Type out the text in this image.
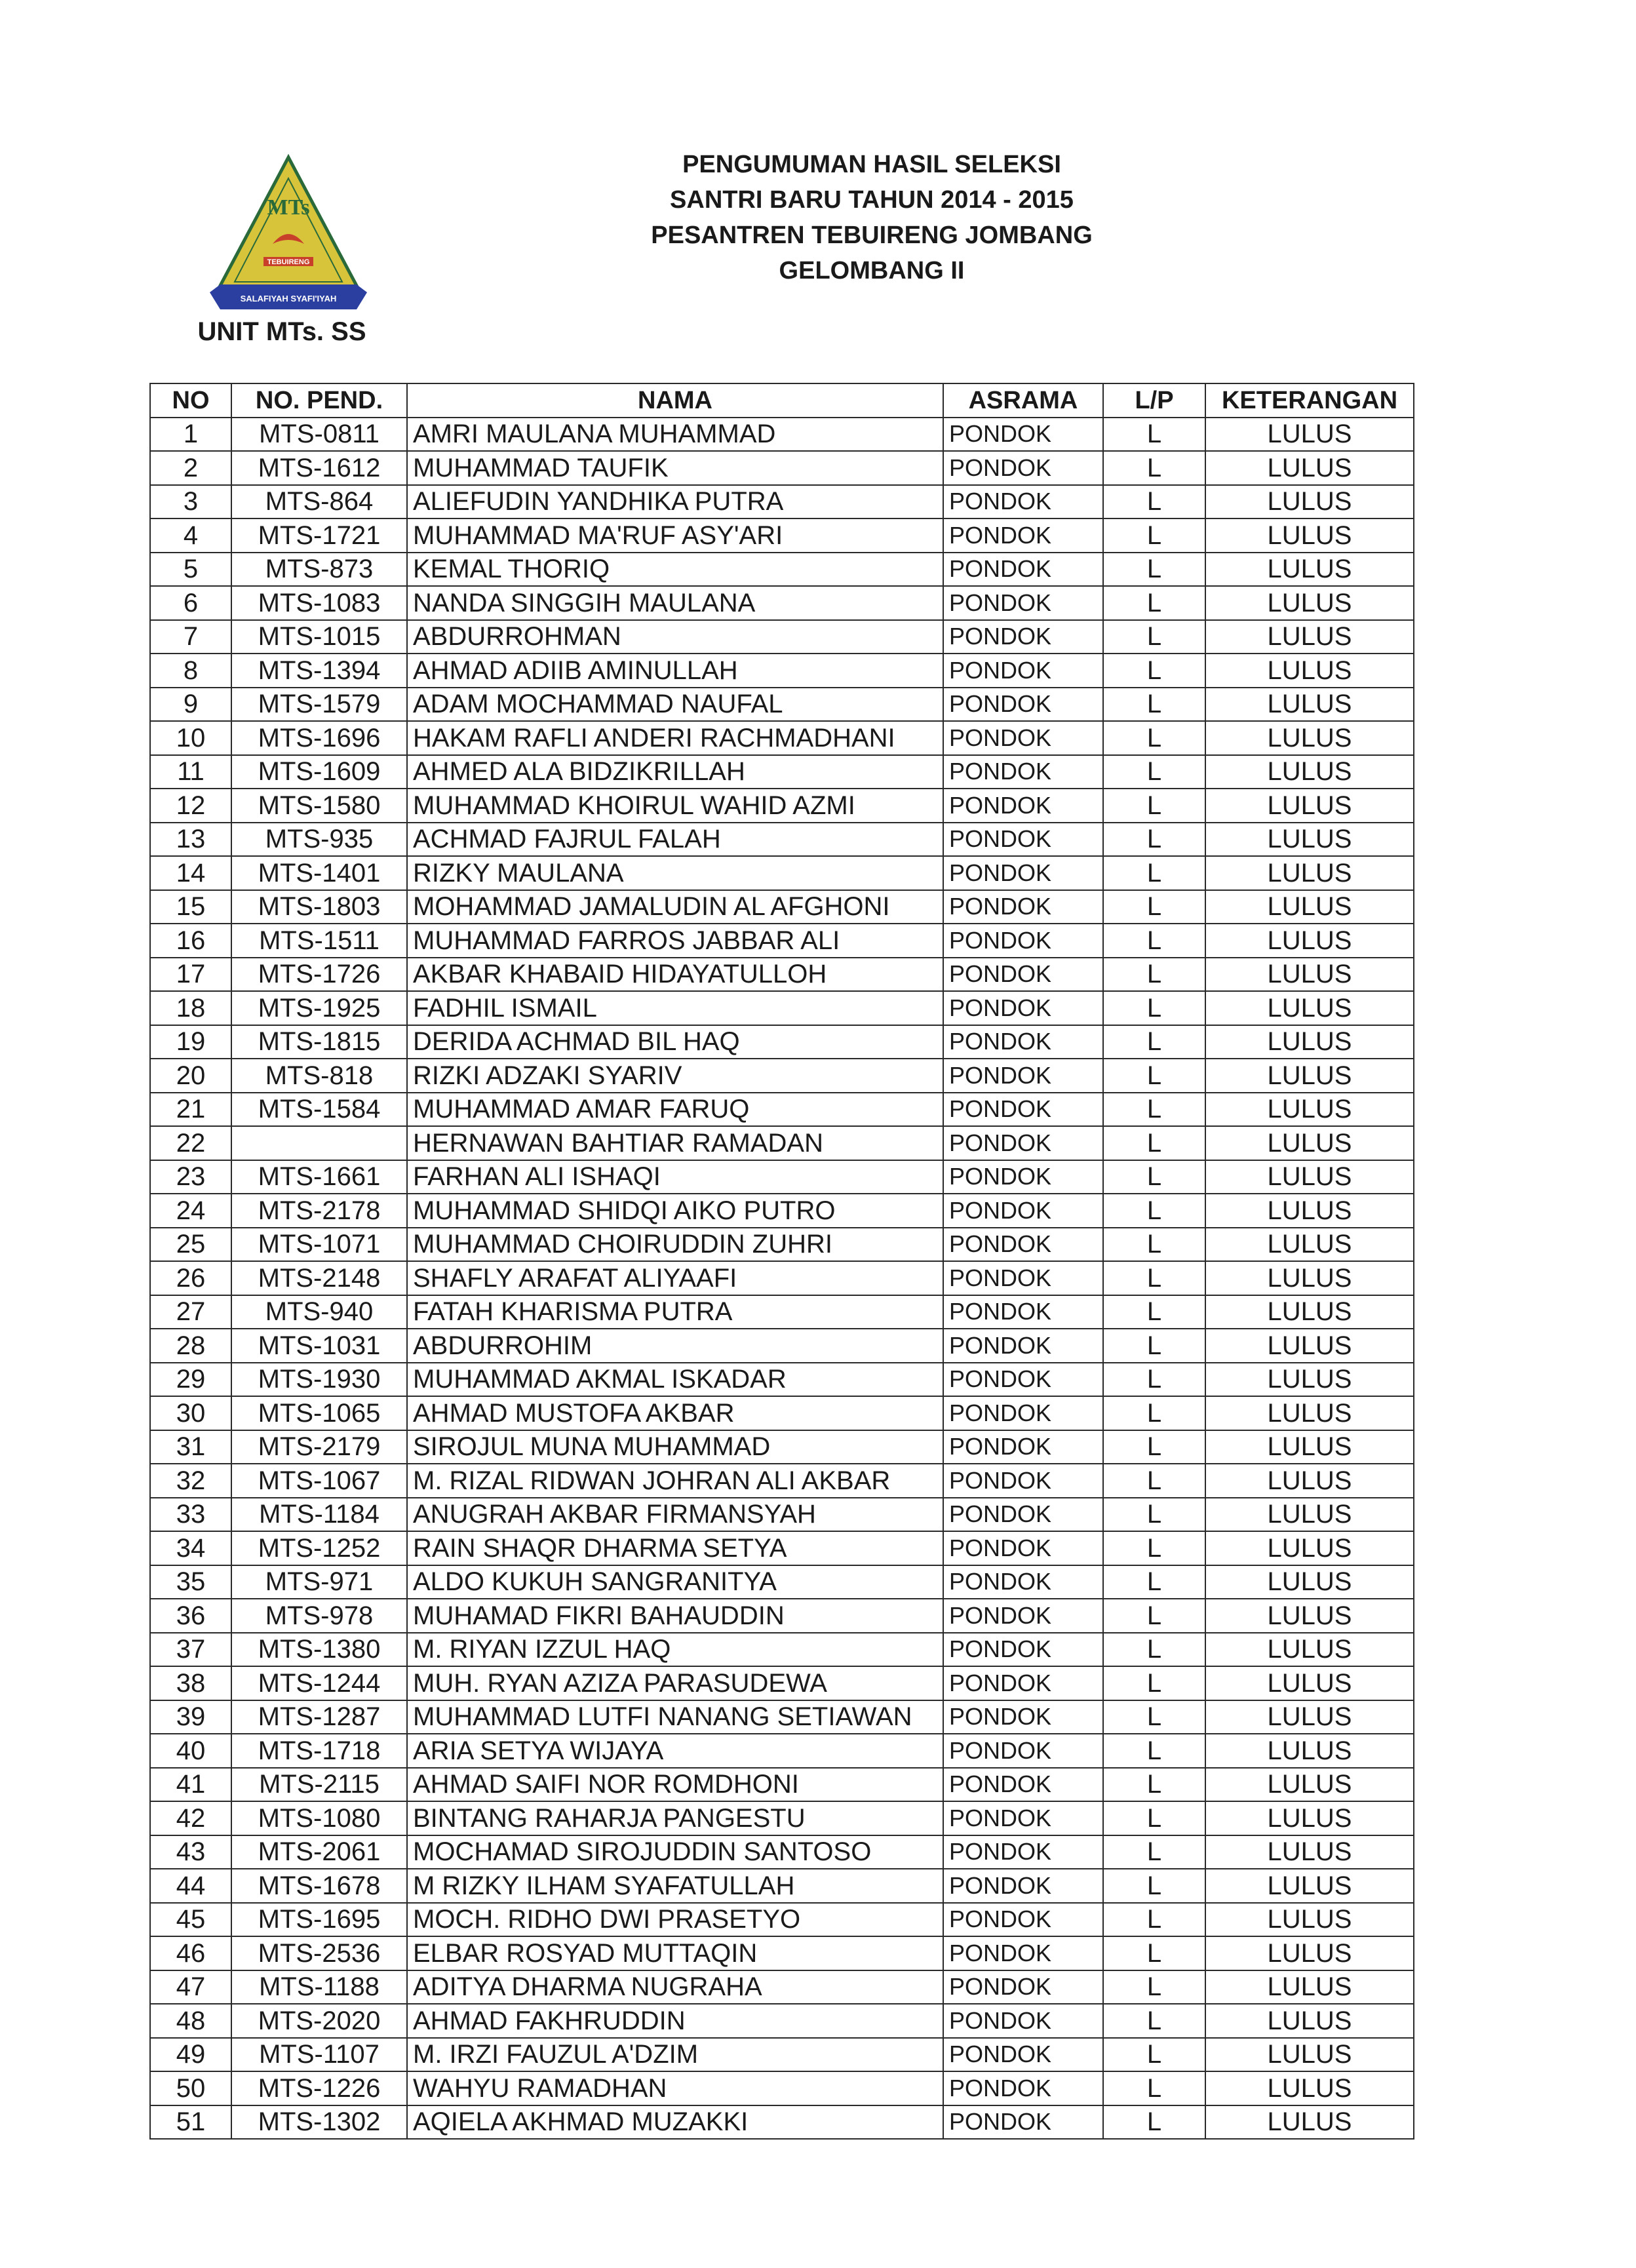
MTs
TEBUIRENG
SALAFIYAH SYAFI'IYAH
UNIT MTs. SS
PENGUMUMAN HASIL SELEKSI
SANTRI BARU TAHUN 2014 - 2015
PESANTREN TEBUIRENG JOMBANG
GELOMBANG II
NO	NO. PEND.	NAMA	ASRAMA	L/P	KETERANGAN
1	MTS-0811	AMRI MAULANA MUHAMMAD	PONDOK	L	LULUS
2	MTS-1612	MUHAMMAD TAUFIK	PONDOK	L	LULUS
3	MTS-864	ALIEFUDIN YANDHIKA PUTRA	PONDOK	L	LULUS
4	MTS-1721	MUHAMMAD MA'RUF ASY'ARI	PONDOK	L	LULUS
5	MTS-873	KEMAL THORIQ	PONDOK	L	LULUS
6	MTS-1083	NANDA SINGGIH MAULANA	PONDOK	L	LULUS
7	MTS-1015	ABDURROHMAN	PONDOK	L	LULUS
8	MTS-1394	AHMAD ADIIB AMINULLAH	PONDOK	L	LULUS
9	MTS-1579	ADAM MOCHAMMAD NAUFAL	PONDOK	L	LULUS
10	MTS-1696	HAKAM RAFLI ANDERI RACHMADHANI	PONDOK	L	LULUS
11	MTS-1609	AHMED ALA BIDZIKRILLAH	PONDOK	L	LULUS
12	MTS-1580	MUHAMMAD KHOIRUL WAHID AZMI	PONDOK	L	LULUS
13	MTS-935	ACHMAD FAJRUL FALAH	PONDOK	L	LULUS
14	MTS-1401	RIZKY MAULANA	PONDOK	L	LULUS
15	MTS-1803	MOHAMMAD JAMALUDIN AL AFGHONI	PONDOK	L	LULUS
16	MTS-1511	MUHAMMAD FARROS JABBAR ALI	PONDOK	L	LULUS
17	MTS-1726	AKBAR KHABAID HIDAYATULLOH	PONDOK	L	LULUS
18	MTS-1925	FADHIL ISMAIL	PONDOK	L	LULUS
19	MTS-1815	DERIDA ACHMAD BIL HAQ	PONDOK	L	LULUS
20	MTS-818	RIZKI ADZAKI SYARIV	PONDOK	L	LULUS
21	MTS-1584	MUHAMMAD AMAR FARUQ	PONDOK	L	LULUS
22		HERNAWAN BAHTIAR RAMADAN	PONDOK	L	LULUS
23	MTS-1661	FARHAN ALI ISHAQI	PONDOK	L	LULUS
24	MTS-2178	MUHAMMAD SHIDQI AIKO PUTRO	PONDOK	L	LULUS
25	MTS-1071	MUHAMMAD CHOIRUDDIN ZUHRI	PONDOK	L	LULUS
26	MTS-2148	SHAFLY ARAFAT ALIYAAFI	PONDOK	L	LULUS
27	MTS-940	FATAH KHARISMA PUTRA	PONDOK	L	LULUS
28	MTS-1031	ABDURROHIM	PONDOK	L	LULUS
29	MTS-1930	MUHAMMAD AKMAL ISKADAR	PONDOK	L	LULUS
30	MTS-1065	AHMAD MUSTOFA AKBAR	PONDOK	L	LULUS
31	MTS-2179	SIROJUL MUNA MUHAMMAD	PONDOK	L	LULUS
32	MTS-1067	M. RIZAL RIDWAN JOHRAN ALI AKBAR	PONDOK	L	LULUS
33	MTS-1184	ANUGRAH AKBAR FIRMANSYAH	PONDOK	L	LULUS
34	MTS-1252	RAIN SHAQR DHARMA SETYA	PONDOK	L	LULUS
35	MTS-971	ALDO KUKUH SANGRANITYA	PONDOK	L	LULUS
36	MTS-978	MUHAMAD FIKRI BAHAUDDIN	PONDOK	L	LULUS
37	MTS-1380	M. RIYAN IZZUL HAQ	PONDOK	L	LULUS
38	MTS-1244	MUH. RYAN AZIZA PARASUDEWA	PONDOK	L	LULUS
39	MTS-1287	MUHAMMAD LUTFI NANANG SETIAWAN	PONDOK	L	LULUS
40	MTS-1718	ARIA SETYA WIJAYA	PONDOK	L	LULUS
41	MTS-2115	AHMAD SAIFI NOR ROMDHONI	PONDOK	L	LULUS
42	MTS-1080	BINTANG RAHARJA PANGESTU	PONDOK	L	LULUS
43	MTS-2061	MOCHAMAD SIROJUDDIN SANTOSO	PONDOK	L	LULUS
44	MTS-1678	M RIZKY ILHAM SYAFATULLAH	PONDOK	L	LULUS
45	MTS-1695	MOCH. RIDHO DWI PRASETYO	PONDOK	L	LULUS
46	MTS-2536	ELBAR ROSYAD MUTTAQIN	PONDOK	L	LULUS
47	MTS-1188	ADITYA DHARMA NUGRAHA	PONDOK	L	LULUS
48	MTS-2020	AHMAD FAKHRUDDIN	PONDOK	L	LULUS
49	MTS-1107	M. IRZI FAUZUL A'DZIM	PONDOK	L	LULUS
50	MTS-1226	WAHYU RAMADHAN	PONDOK	L	LULUS
51	MTS-1302	AQIELA AKHMAD MUZAKKI	PONDOK	L	LULUS
